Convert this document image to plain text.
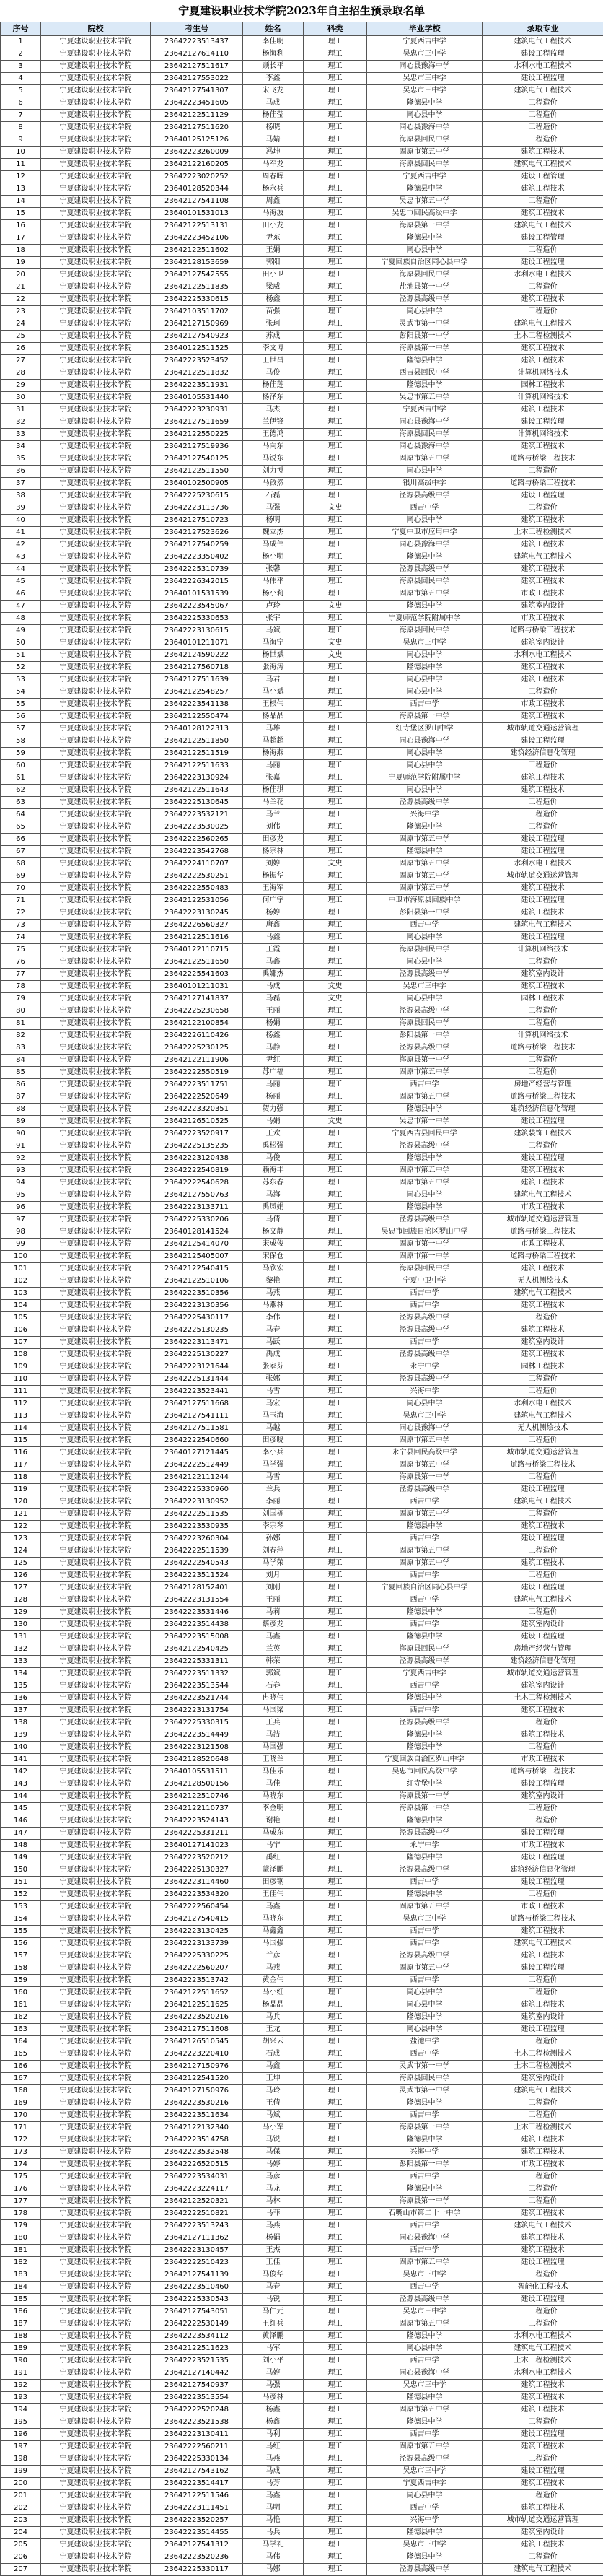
宁夏建设职业技术学院2023年自主招生预录取名单
序号	院校	考生号	姓名	科类	毕业学校	录取专业
1	宁夏建设职业技术学院	23642223513437	李佳明	理工	宁夏西吉中学	建筑电气工程技术
2	宁夏建设职业技术学院	23642127614110	杨海利	理工	吴忠市三中学	建设工程监理
3	宁夏建设职业技术学院	23642127511617	顾长平	理工	同心县豫海中学	水利水电工程技术
4	宁夏建设职业技术学院	23642127553022	李鑫	理工	吴忠市三中学	建设工程监理
5	宁夏建设职业技术学院	23642127541307	宋飞龙	理工	吴忠市三中学	建筑电气工程技术
6	宁夏建设职业技术学院	23642223451605	马成	理工	隆德县中学	工程造价
7	宁夏建设职业技术学院	23642122511129	杨佳莹	理工	同心县中学	工程造价
8	宁夏建设职业技术学院	23642127511620	杨晓	理工	同心县豫海中学	工程造价
9	宁夏建设职业技术学院	23640125125126	马婧	理工	海原县回民中学	工程造价
10	宁夏建设职业技术学院	23642223260009	冯坤	理工	固原市第五中学	建筑工程技术
11	宁夏建设职业技术学院	23642122160205	马军龙	理工	海原县回民中学	建筑电气工程技术
12	宁夏建设职业技术学院	23642223020252	周春晖	理工	宁夏西吉中学	建设工程管理
13	宁夏建设职业技术学院	23640128520344	杨永兵	理工	隆德县中学	建筑工程技术
14	宁夏建设职业技术学院	23642127541108	周鑫	理工	吴忠市第五中学	工程造价
15	宁夏建设职业技术学院	23640101531013	马海波	理工	吴忠市回民高级中学	建筑工程技术
16	宁夏建设职业技术学院	23642122513131	田小龙	理工	海原县第一中学	建筑电气工程技术
17	宁夏建设职业技术学院	23642223452106	尹东	理工	隆德县中学	建设工程管理
18	宁夏建设职业技术学院	23642122511602	王娟	理工	同心县中学	工程造价
19	宁夏建设职业技术学院	23642128153659	郭阳	理工	宁夏回族自治区同心县中学	建设工程监理
20	宁夏建设职业技术学院	23642127542555	田小卫	理工	海原县回民中学	水利水电工程技术
21	宁夏建设职业技术学院	23642122511835	梁威	理工	盐池县第一中学	工程造价
22	宁夏建设职业技术学院	23642225330615	杨鑫	理工	泾源县高级中学	建筑工程技术
23	宁夏建设职业技术学院	23642103511702	苗强	理工	同心县中学	工程造价
24	宁夏建设职业技术学院	23642127150969	张珂	理工	灵武市第一中学	建筑电气工程技术
25	宁夏建设职业技术学院	23642127540923	苏成	理工	彭阳县第一中学	土木工程检测技术
26	宁夏建设职业技术学院	23640122511525	李文博	理工	海原县第一中学	建筑工程技术
27	宁夏建设职业技术学院	23642223523452	王世昌	理工	隆德县中学	建筑工程技术
28	宁夏建设职业技术学院	23642122511832	马俊	理工	西吉县回民中学	计算机网络技术
29	宁夏建设职业技术学院	23642223511931	杨佳莲	理工	隆德县中学	园林工程技术
30	宁夏建设职业技术学院	23640105531440	杨泽东	理工	吴忠市第五中学	计算机网络技术
31	宁夏建设职业技术学院	23642223230931	马杰	理工	宁夏西吉中学	建筑工程技术
32	宁夏建设职业技术学院	23642127511659	兰伊锋	理工	同心县豫海中学	建设工程监理
33	宁夏建设职业技术学院	23642122550225	王德鸿	理工	海原县回民中学	计算机网络技术
34	宁夏建设职业技术学院	23642127519936	马向东	理工	同心县豫海中学	建筑工程技术
35	宁夏建设职业技术学院	23642127540125	马锐东	理工	固原市第五中学	道路与桥梁工程技术
36	宁夏建设职业技术学院	23642122511550	刘力博	理工	同心县中学	工程造价
37	宁夏建设职业技术学院	23640102500905	马啟然	理工	银川高级中学	道路与桥梁工程技术
38	宁夏建设职业技术学院	23642225230615	石磊	理工	泾源县高级中学	建设工程监理
39	宁夏建设职业技术学院	23642223113736	马强	文史	西吉中学	工程造价
40	宁夏建设职业技术学院	23642127510723	杨明	理工	同心县中学	建筑工程技术
41	宁夏建设职业技术学院	23642127523626	魏立杰	理工	宁夏中卫市应用中学	土木工程检测技术
42	宁夏建设职业技术学院	23642127540259	马成伟	理工	同心县豫海中学	建筑工程技术
43	宁夏建设职业技术学院	23642223350402	杨小明	理工	隆德县中学	建筑电气工程技术
44	宁夏建设职业技术学院	23642225310739	张馨	理工	泾源县高级中学	建筑工程技术
45	宁夏建设职业技术学院	23642226342015	马伟平	理工	海原县回民中学	建筑工程技术
46	宁夏建设职业技术学院	23640101531539	杨小莉	理工	固原市第五中学	市政工程技术
47	宁夏建设职业技术学院	23642223545067	卢玲	文史	隆德县中学	建筑室内设计
48	宁夏建设职业技术学院	23642225330653	张宇	理工	宁夏师范学院附属中学	市政工程技术
49	宁夏建设职业技术学院	23642223130615	马斌	理工	海原县回民中学	道路与桥梁工程技术
50	宁夏建设职业技术学院	23640101211071	马海宁	文史	吴忠市三中学	建筑室内设计
51	宁夏建设职业技术学院	23642124590222	杨世斌	文史	同心县中学	水利水电工程技术
52	宁夏建设职业技术学院	23642127560718	张海涛	理工	隆德县中学	建筑工程技术
53	宁夏建设职业技术学院	23642127511639	马君	理工	同心县中学	建筑工程技术
54	宁夏建设职业技术学院	23642122548257	马小斌	理工	同心县中学	工程造价
55	宁夏建设职业技术学院	23642223541138	王根伟	理工	西吉中学	市政工程技术
56	宁夏建设职业技术学院	23642122550474	杨晶晶	理工	海原县第一中学	建筑工程技术
57	宁夏建设职业技术学院	23640128122313	马雄	理工	红寺堡区罗山中学	城市轨道交通运营管理
58	宁夏建设职业技术学院	23642122511850	马超超	理工	同心县豫海中学	建设工程监理
59	宁夏建设职业技术学院	23642122511519	杨海燕	理工	同心县中学	建筑经济信息化管理
60	宁夏建设职业技术学院	23642122511633	马丽	理工	同心县中学	工程造价
61	宁夏建设职业技术学院	23642223130924	张嘉	理工	宁夏师范学院附属中学	建筑工程技术
62	宁夏建设职业技术学院	23642122511643	杨佳琪	理工	同心县中学	建筑工程技术
63	宁夏建设职业技术学院	23642225130645	马兰花	理工	泾源县高级中学	工程造价
64	宁夏建设职业技术学院	23642223532121	马兰	理工	兴海中学	工程造价
65	宁夏建设职业技术学院	23642223530025	刘伟	理工	隆德县中学	工程造价
66	宁夏建设职业技术学院	23642222560265	田彦龙	理工	固原市第五中学	建设工程监理
67	宁夏建设职业技术学院	23642223542768	杨宗林	理工	隆德县中学	建设工程监理
68	宁夏建设职业技术学院	23642224110707	刘婷	文史	固原市第五中学	水利水电工程技术
69	宁夏建设职业技术学院	23642222530251	杨振华	理工	固原市第五中学	城市轨道交通运营管理
70	宁夏建设职业技术学院	23642222550483	王海军	理工	固原市第五中学	建筑工程技术
71	宁夏建设职业技术学院	23642122531056	何广宇	理工	中卫市海原县回族中学	建设工程监理
72	宁夏建设职业技术学院	23642223130245	杨婷	理工	彭阳县第一中学	建筑工程技术
73	宁夏建设职业技术学院	23642226560327	唐鑫	理工	西吉中学	建筑电气工程技术
74	宁夏建设职业技术学院	23642122511616	马鑫	理工	同心县中学	建设工程监理
75	宁夏建设职业技术学院	23640122110715	王霞	理工	海原县回民中学	计算机网络技术
76	宁夏建设职业技术学院	23642122511650	马鑫	理工	同心县中学	工程造价
77	宁夏建设职业技术学院	23642225541603	禹娜杰	理工	泾源县高级中学	建筑室内设计
78	宁夏建设职业技术学院	23640101211031	马成	文史	吴忠市三中学	建筑工程技术
79	宁夏建设职业技术学院	23642127141837	马磊	文史	同心县中学	园林工程技术
80	宁夏建设职业技术学院	23642225230658	王丽	理工	泾源县高级中学	工程造价
81	宁夏建设职业技术学院	23642122100854	杨娟	理工	海原县回民中学	工程造价
82	宁夏建设职业技术学院	23642226110426	杨鑫	理工	彭阳县第一中学	计算机网络技术
83	宁夏建设职业技术学院	23642225230125	马静	理工	泾源县高级中学	道路与桥梁工程技术
84	宁夏建设职业技术学院	23642122111906	尹红	理工	海原县第一中学	工程造价
85	宁夏建设职业技术学院	23642222550519	苏广福	理工	固原市第五中学	工程造价
86	宁夏建设职业技术学院	23642223511751	马丽	理工	西吉中学	房地产经营与管理
87	宁夏建设职业技术学院	23642222520649	杨丽	理工	固原市第五中学	道路与桥梁工程技术
88	宁夏建设职业技术学院	23642223320351	贺力强	理工	隆德县中学	建筑经济信息化管理
89	宁夏建设职业技术学院	23642126510525	马娟	文史	吴忠市第一中学	建设工程监理
90	宁夏建设职业技术学院	23642223520917	王欢	理工	宁夏西吉县回民中学	建筑装饰工程技术
91	宁夏建设职业技术学院	23642225135235	禹松强	理工	泾源县高级中学	工程造价
92	宁夏建设职业技术学院	23642223120438	马俊	理工	隆德县中学	建设工程监理
93	宁夏建设职业技术学院	23642222540819	赖海丰	理工	固原市第五中学	建筑工程技术
94	宁夏建设职业技术学院	23642222540628	苏东春	理工	固原市第五中学	建筑工程技术
95	宁夏建设职业技术学院	23642127550763	马海	理工	同心县中学	建筑电气工程技术
96	宁夏建设职业技术学院	23642223133711	禹凤娟	理工	隆德县中学	市政工程技术
97	宁夏建设职业技术学院	23642225330206	马倩	理工	泾源县高级中学	城市轨道交通运营管理
98	宁夏建设职业技术学院	23640128141524	杨文静	理工	吴忠市回族自治区罗山中学	道路与桥梁工程技术
99	宁夏建设职业技术学院	23642125414070	宋成俊	理工	固原市第一中学	市政工程技术
100	宁夏建设职业技术学院	23642125405007	宋保仓	理工	固原市第一中学	道路与桥梁工程技术
101	宁夏建设职业技术学院	23642122540415	马欣宏	理工	海原县回民中学	建筑工程技术
102	宁夏建设职业技术学院	23642122510106	黎艳	理工	宁夏中卫中学	无人机测绘技术
103	宁夏建设职业技术学院	23642223510356	马燕	理工	西吉中学	建筑电气工程技术
104	宁夏建设职业技术学院	23642223130356	马燕林	理工	西吉中学	建筑工程技术
105	宁夏建设职业技术学院	23642225430117	李伟	理工	泾源县高级中学	工程造价
106	宁夏建设职业技术学院	23642225130235	马春	理工	泾源县高级中学	建筑工程技术
107	宁夏建设职业技术学院	23642223113471	马跃	理工	西吉中学	建筑室内设计
108	宁夏建设职业技术学院	23642225130227	禹成	理工	泾源县高级中学	建筑工程技术
109	宁夏建设职业技术学院	23642223121644	张家芬	理工	永宁中学	园林工程技术
110	宁夏建设职业技术学院	23642225131444	张娜	理工	泾源县高级中学	工程造价
111	宁夏建设职业技术学院	23642223523441	马雪	理工	兴海中学	工程造价
112	宁夏建设职业技术学院	23642127511668	马宏	理工	同心县中学	水利水电工程技术
113	宁夏建设职业技术学院	23642127541111	马玉海	理工	吴忠市三中学	建筑电气工程技术
114	宁夏建设职业技术学院	23642127511581	马越	理工	同心县豫海中学	无人机测绘技术
115	宁夏建设职业技术学院	23642222540660	田彦晓	理工	固原市第五中学	工程造价
116	宁夏建设职业技术学院	23640127121445	李小兵	理工	永宁县回民高级中学	城市轨道交通运营管理
117	宁夏建设职业技术学院	23642222512449	马学强	理工	固原市第五中学	道路与桥梁工程技术
118	宁夏建设职业技术学院	23642122111244	马雪	理工	海原县第一中学	工程造价
119	宁夏建设职业技术学院	23642225330960	兰兵	理工	泾源县高级中学	建设工程监理
120	宁夏建设职业技术学院	23642223130952	李丽	理工	西吉中学	建筑电气工程技术
121	宁夏建设职业技术学院	23642222511535	刘国栋	理工	固原市第五中学	工程造价
122	宁夏建设职业技术学院	23642223530935	李宗琴	理工	隆德县中学	建筑工程技术
123	宁夏建设职业技术学院	23642223260304	孙娜	理工	西吉中学	建设工程监理
124	宁夏建设职业技术学院	23642222511539	刘春萍	理工	固原市第五中学	工程造价
125	宁夏建设职业技术学院	23642222540543	马学荣	理工	固原市第五中学	建筑工程技术
126	宁夏建设职业技术学院	23642223511524	刘月	理工	西吉中学	工程造价
127	宁夏建设职业技术学院	23642128152401	刘刚	理工	宁夏回族自治区同心县中学	建设工程监理
128	宁夏建设职业技术学院	23642223131554	王丽	理工	西吉中学	建筑电气工程技术
129	宁夏建设职业技术学院	23642223531446	马莉	理工	隆德县中学	工程造价
130	宁夏建设职业技术学院	23642223514438	蔡彦龙	理工	西吉中学	建筑室内设计
131	宁夏建设职业技术学院	23642223515008	马鑫	理工	隆德县中学	建设工程监理
132	宁夏建设职业技术学院	23642122540425	兰英	理工	海原县回民中学	房地产经营与管理
133	宁夏建设职业技术学院	23642225331311	韩荣	理工	泾源县高级中学	建筑经济信息化管理
134	宁夏建设职业技术学院	23642223511332	郭斌	理工	宁夏西吉中学	城市轨道交通运营管理
135	宁夏建设职业技术学院	23642223513544	石春	理工	西吉中学	建筑室内设计
136	宁夏建设职业技术学院	23642223521744	冉晓伟	理工	隆德县中学	土木工程检测技术
137	宁夏建设职业技术学院	23642223131754	马国梁	理工	西吉中学	建筑工程技术
138	宁夏建设职业技术学院	23642225330315	王兵	理工	泾源县高级中学	工程造价
139	宁夏建设职业技术学院	23642223514449	马洁	理工	隆德县中学	建筑工程技术
140	宁夏建设职业技术学院	23642223121508	马国强	理工	隆德县中学	工程造价
141	宁夏建设职业技术学院	23642128520648	王晓兰	理工	宁夏回族自治区罗山中学	市政工程技术
142	宁夏建设职业技术学院	23640105531511	马佳乐	理工	吴忠市回民高级中学	道路与桥梁工程技术
143	宁夏建设职业技术学院	23642128500156	马佳	理工	红寺堡中学	建设工程监理
144	宁夏建设职业技术学院	23642122510746	马晓东	理工	海原县第一中学	建筑室内设计
145	宁夏建设职业技术学院	23642122110737	李金明	理工	海原县第一中学	工程造价
146	宁夏建设职业技术学院	23642223524143	谢艳	理工	隆德县中学	工程造价
147	宁夏建设职业技术学院	23642225331211	马成东	理工	泾源县高级中学	建设工程监理
148	宁夏建设职业技术学院	23640127141023	马宁	理工	永宁中学	市政工程技术
149	宁夏建设职业技术学院	23642223520212	禹红	理工	隆德县中学	建设工程监理
150	宁夏建设职业技术学院	23642225130327	蒙泽鹏	理工	泾源县高级中学	建筑经济信息化管理
151	宁夏建设职业技术学院	23642223114460	田彦钢	理工	西吉中学	建设工程监理
152	宁夏建设职业技术学院	23642223534320	王佳伟	理工	隆德县中学	工程造价
153	宁夏建设职业技术学院	23642222560454	马鑫	理工	固原市第五中学	市政工程技术
154	宁夏建设职业技术学院	23642127540415	马晓东	理工	吴忠市三中学	道路与桥梁工程技术
155	宁夏建设职业技术学院	23642223130425	马鑫鑫	理工	西吉中学	建筑工程技术
156	宁夏建设职业技术学院	23642223133739	马国强	理工	西吉中学	建筑电气工程技术
157	宁夏建设职业技术学院	23642225330225	兰彦	理工	泾源县高级中学	建筑工程技术
158	宁夏建设职业技术学院	23642222560207	马燕	理工	固原市第五中学	建设工程监理
159	宁夏建设职业技术学院	23642223513742	黄金伟	理工	西吉中学	工程造价
160	宁夏建设职业技术学院	23642122511652	马小红	理工	同心县中学	工程造价
161	宁夏建设职业技术学院	23642122511625	杨晶晶	理工	同心县中学	建筑工程技术
162	宁夏建设职业技术学院	23642223520216	马兵	理工	隆德县中学	建筑室内设计
163	宁夏建设职业技术学院	23642127511608	王龙	理工	同心县中学	建设工程监理
164	宁夏建设职业技术学院	23642126510545	胡兴云	理工	盐池中学	工程造价
165	宁夏建设职业技术学院	23642223220410	石成	理工	西吉中学	土木工程检测技术
166	宁夏建设职业技术学院	23642127150976	马鑫	理工	灵武市第一中学	土木工程检测技术
167	宁夏建设职业技术学院	23642122541520	王坤	理工	海原县回民中学	建筑室内设计
168	宁夏建设职业技术学院	23642127150976	马玲	理工	灵武市第一中学	建筑电气工程技术
169	宁夏建设职业技术学院	23642223530216	王倩	理工	隆德县中学	工程造价
170	宁夏建设职业技术学院	23642223511634	马斌	理工	西吉中学	工程造价
171	宁夏建设职业技术学院	23642122132340	马小军	理工	海原县第一中学	土木工程检测技术
172	宁夏建设职业技术学院	23642223514758	马锐	理工	隆德县中学	建筑工程技术
173	宁夏建设职业技术学院	23642223532548	马保	理工	兴海中学	建筑工程技术
174	宁夏建设职业技术学院	23642226520515	马婷	理工	彭阳县第一中学	市政工程技术
175	宁夏建设职业技术学院	23642223534031	马彦	理工	西吉中学	工程造价
176	宁夏建设职业技术学院	23642223224117	马龙	理工	隆德县中学	工程造价
177	宁夏建设职业技术学院	23642122520321	马林	理工	海原县第一中学	工程造价
178	宁夏建设职业技术学院	23642222510821	马菲	理工	石嘴山市第二十一中学	建筑工程技术
179	宁夏建设职业技术学院	23642223513243	马燕	理工	西吉中学	建筑电气工程技术
180	宁夏建设职业技术学院	23642127111362	杨娟	理工	同心县豫海中学	建筑工程技术
181	宁夏建设职业技术学院	23642223130457	王杰	理工	西吉中学	建筑工程技术
182	宁夏建设职业技术学院	23642222510423	王佳	理工	固原市第五中学	建设工程监理
183	宁夏建设职业技术学院	23642127541139	马俊华	理工	吴忠市三中学	工程造价
184	宁夏建设职业技术学院	23642223510460	马春	理工	西吉中学	智能化工程技术
185	宁夏建设职业技术学院	23642225330543	马锐	理工	泾源县高级中学	建设工程监理
186	宁夏建设职业技术学院	23642127543051	马仁元	理工	吴忠市三中学	工程造价
187	宁夏建设职业技术学院	23642222530149	王红兵	理工	固原市第五中学	工程造价
188	宁夏建设职业技术学院	23642223534112	黄泽鹏	理工	隆德县中学	水利水电工程技术
189	宁夏建设职业技术学院	23642122511623	马军	理工	同心县中学	建筑电气工程技术
190	宁夏建设职业技术学院	23642223521535	刘小平	理工	西吉中学	土木工程检测技术
191	宁夏建设职业技术学院	23642127140442	马婷	理工	同心县豫海中学	水利水电工程技术
192	宁夏建设职业技术学院	23642127540937	马强	理工	吴忠市三中学	建筑工程技术
193	宁夏建设职业技术学院	23642223513554	马彦林	理工	隆德县中学	建筑工程技术
194	宁夏建设职业技术学院	23642222520248	杨鑫	理工	固原市第五中学	建筑工程技术
195	宁夏建设职业技术学院	23642223521538	杨鑫	理工	隆德县中学	工程造价
196	宁夏建设职业技术学院	23642223130411	马利	理工	西吉中学	建设工程监理
197	宁夏建设职业技术学院	23642222560211	马红	理工	固原市第五中学	建筑工程技术
198	宁夏建设职业技术学院	23642225330134	马燕	理工	泾源县高级中学	工程造价
199	宁夏建设职业技术学院	23642127543162	马成	理工	吴忠市三中学	建设工程监理
200	宁夏建设职业技术学院	23642223514417	马芳	理工	宁夏西吉中学	建筑工程技术
201	宁夏建设职业技术学院	23642122511546	马鑫	理工	同心县中学	工程造价
202	宁夏建设职业技术学院	23642223111451	马明	理工	西吉中学	建筑工程技术
203	宁夏建设职业技术学院	23642223520257	马艳	理工	兴海中学	城市轨道交通运营管理
204	宁夏建设职业技术学院	23642223514455	马兵	理工	隆德县中学	建筑室内设计
205	宁夏建设职业技术学院	23642127541312	马学礼	理工	吴忠市三中学	建筑工程技术
206	宁夏建设职业技术学院	23642223520236	马伟	理工	隆德县中学	工程造价
207	宁夏建设职业技术学院	23642225330117	马娜	理工	泾源县高级中学	建筑电气工程技术
